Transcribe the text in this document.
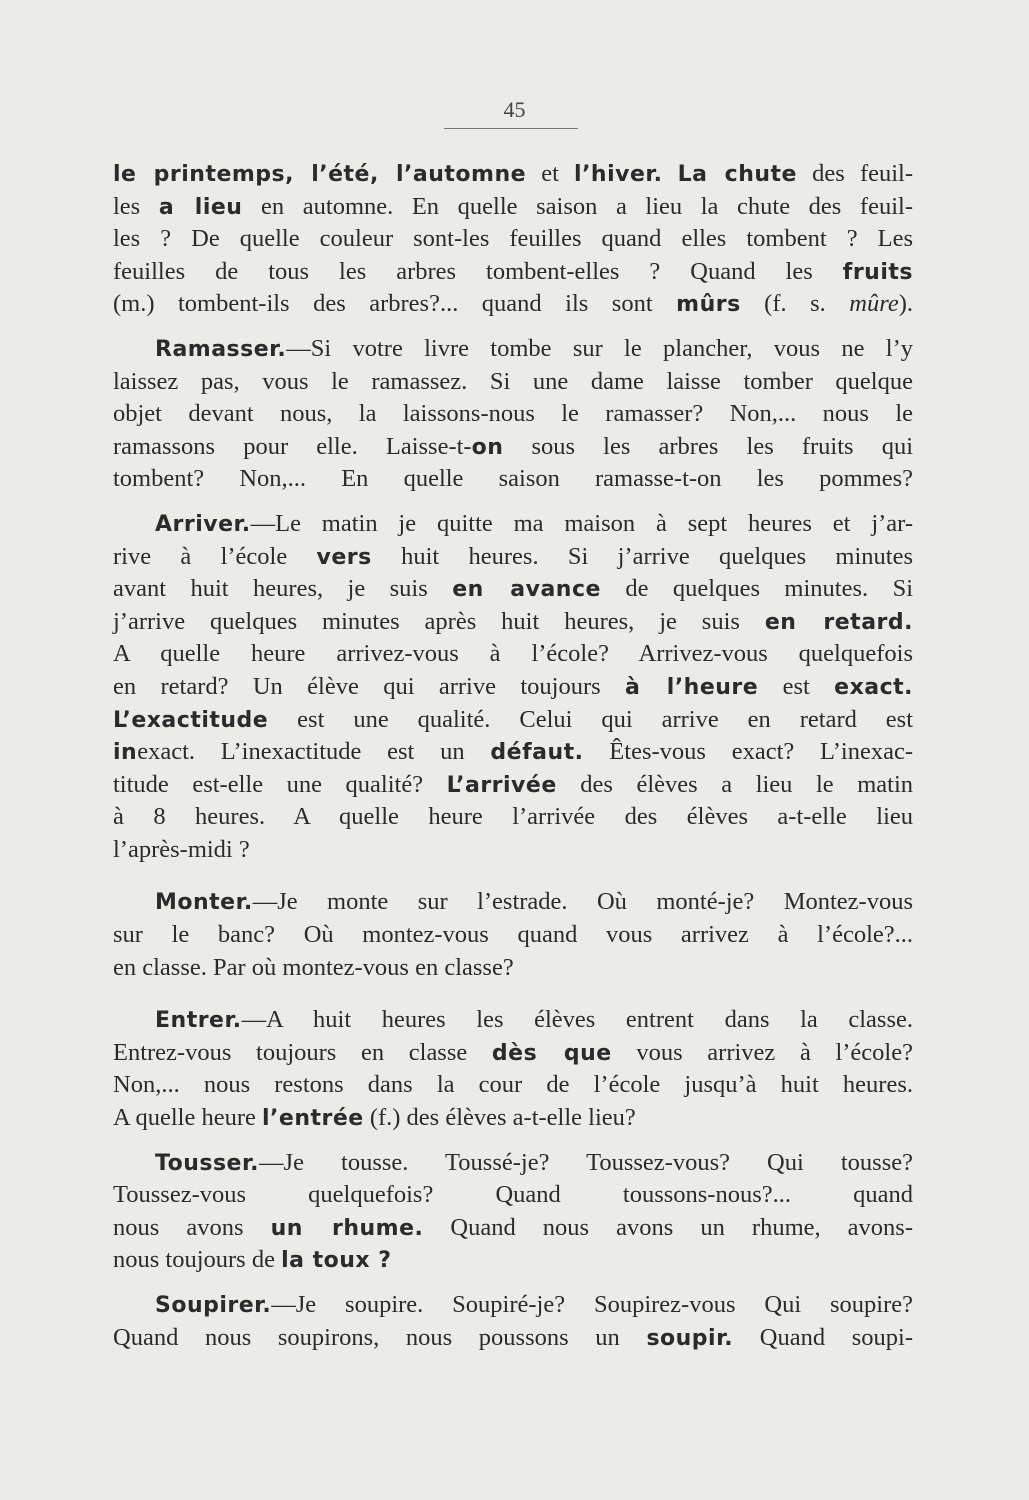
45
le printemps, l’été, l’automne et l’hiver. La chute des feuil-
les a lieu en automne. En quelle saison a lieu la chute des feuil-
les ? De quelle couleur sont-les feuilles quand elles tombent ? Les
feuilles de tous les arbres tombent-elles ? Quand les fruits
(m.) tombent-ils des arbres?... quand ils sont mûrs (f. s. mûre).
Ramasser.—Si votre livre tombe sur le plancher, vous ne l’y
laissez pas, vous le ramassez. Si une dame laisse tomber quelque
objet devant nous, la laissons-nous le ramasser? Non,... nous le
ramassons pour elle. Laisse-t-on sous les arbres les fruits qui
tombent? Non,... En quelle saison ramasse-t-on les pommes?
Arriver.—Le matin je quitte ma maison à sept heures et j’ar-
rive à l’école vers huit heures. Si j’arrive quelques minutes
avant huit heures, je suis en avance de quelques minutes. Si
j’arrive quelques minutes après huit heures, je suis en retard.
A quelle heure arrivez-vous à l’école? Arrivez-vous quelquefois
en retard? Un élève qui arrive toujours à l’heure est exact.
L’exactitude est une qualité. Celui qui arrive en retard est
inexact. L’inexactitude est un défaut. Êtes-vous exact? L’inexac-
titude est-elle une qualité? L’arrivée des élèves a lieu le matin
à 8 heures. A quelle heure l’arrivée des élèves a-t-elle lieu
l’après-midi ?
Monter.—Je monte sur l’estrade. Où monté-je? Montez-vous
sur le banc? Où montez-vous quand vous arrivez à l’école?...
en classe. Par où montez-vous en classe?
Entrer.—A huit heures les élèves entrent dans la classe.
Entrez-vous toujours en classe dès que vous arrivez à l’école?
Non,... nous restons dans la cour de l’école jusqu’à huit heures.
A quelle heure l’entrée (f.) des élèves a-t-elle lieu?
Tousser.—Je tousse. Toussé-je? Toussez-vous? Qui tousse?
Toussez-vous quelquefois? Quand toussons-nous?... quand
nous avons un rhume. Quand nous avons un rhume, avons-
nous toujours de la toux ?
Soupirer.—Je soupire. Soupiré-je? Soupirez-vous Qui soupire?
Quand nous soupirons, nous poussons un soupir. Quand soupi-
